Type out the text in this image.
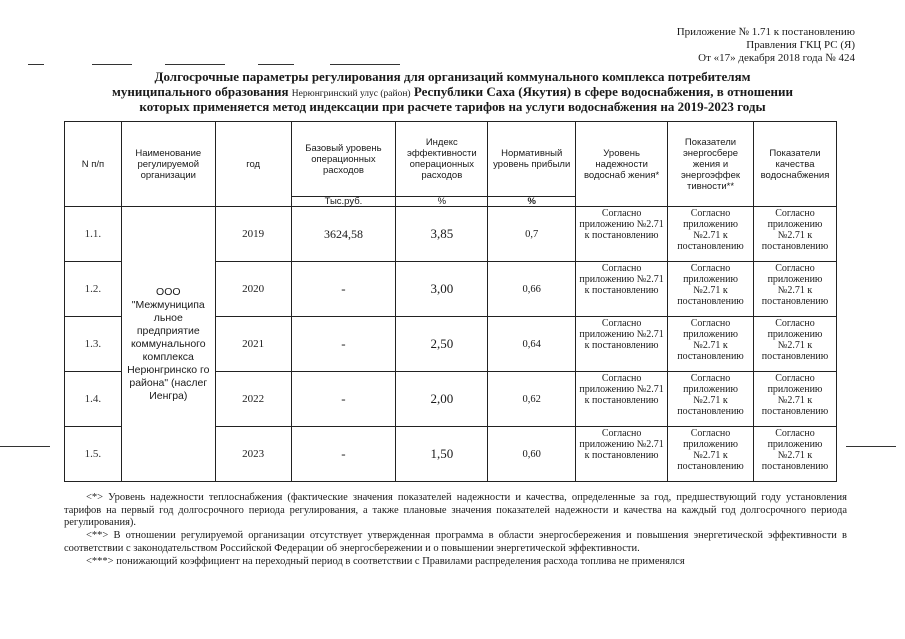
Приложение № 1.71 к постановлению
Правления ГКЦ РС (Я)
От «17» декабря 2018 года № 424
Долгосрочные параметры регулирования для организаций коммунального комплекса потребителям
муниципального образования Нерюнгринский улус (район) Республики Саха (Якутия) в сфере водоснабжения, в отношении
которых применяется метод индексации при расчете тарифов на услуги водоснабжения на 2019-2023 годы
N п/п	Наименование регулируемой организации	год	Базовый уровень операционных расходов	Индекс эффективности операционных расходов	Нормативный уровень прибыли	Уровень надежности водоснаб жения*	Показатели энергосбере жения и энергоэффек тивности**	Показатели качества водоснабжения
			Тыс.руб.	%	%			
1.1.	ООО "Межмуниципа льное предприятие коммунального комплекса Нерюнгринско го района" (наслег Иенгра)	2019	3624,58	3,85	0,7	Согласно приложению №2.71 к постановлению	Согласно приложению №2.71 к постановлению	Согласно приложению №2.71 к постановлению

1.2.		2020	-	3,00	0,66	Согласно приложению №2.71 к постановлению	Согласно приложению №2.71 к постановлению	Согласно приложению №2.71 к постановлению

1.3.		2021	-	2,50	0,64	Согласно приложению №2.71 к постановлению	Согласно приложению №2.71 к постановлению	Согласно приложению №2.71 к постановлению

1.4.		2022	-	2,00	0,62	Согласно приложению №2.71 к постановлению	Согласно приложению №2.71 к постановлению	Согласно приложению №2.71 к постановлению

1.5.		2023	-	1,50	0,60	Согласно приложению №2.71 к постановлению	Согласно приложению №2.71 к постановлению	Согласно приложению №2.71 к постановлению
<*> Уровень надежности теплоснабжения (фактические значения показателей надежности и качества, определенные за год, предшествующий году установления тарифов на первый год долгосрочного периода регулирования, а также плановые значения показателей надежности и качества на каждый год долгосрочного периода регулирования).
<**> В отношении регулируемой организации отсутствует утвержденная программа в области энергосбережения и повышения энергетической эффективности в соответствии с законодательством Российской Федерации об энергосбережении и о повышении энергетической эффективности.
<***> понижающий коэффициент на переходный период в соответствии с Правилами распределения расхода топлива не применялся
